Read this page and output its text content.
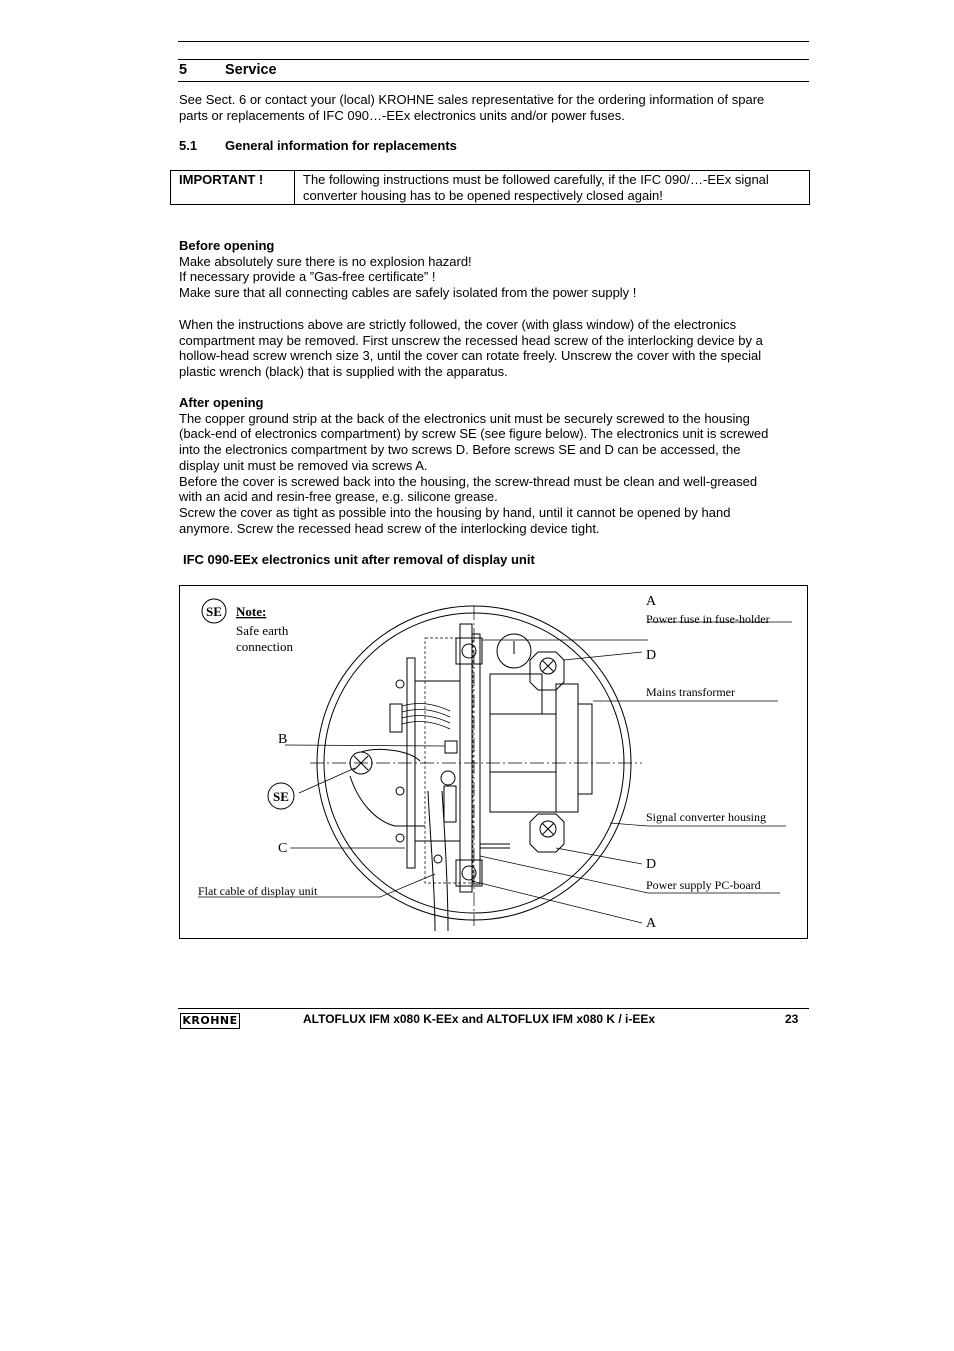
5	Service
See Sect. 6 or contact your (local) KROHNE sales representative for the ordering information of spare
parts or replacements of IFC 090…-EEx electronics units and/or power fuses.
5.1 General information for replacements
IMPORTANT !	The following instructions must be followed carefully, if the IFC 090/…-EEx signal converter housing has to be opened respectively closed again!
Before opening
Make absolutely sure there is no explosion hazard!
If necessary provide a ”Gas-free certificate” !
Make sure that all connecting cables are safely isolated from the power supply !
When the instructions above are strictly followed, the cover (with glass window) of the electronics
compartment may be removed. First unscrew the recessed head screw of the interlocking device by a
hollow-head screw wrench size 3, until the cover can rotate freely. Unscrew the cover with the special
plastic wrench (black) that is supplied with the apparatus.
After opening
The copper ground strip at the back of the electronics unit must be securely screwed to the housing
(back-end of electronics compartment) by screw SE (see figure below). The electronics unit is screwed
into the electronics compartment by two screws D. Before screws SE and D can be accessed, the
display unit must be removed via screws A.
Before the cover is screwed back into the housing, the screw-thread must be clean and well-greased
with an acid and resin-free grease, e.g. silicone grease.
Screw the cover as tight as possible into the housing by hand, until it cannot be opened by hand
anymore. Screw the recessed head screw of the interlocking device tight.
IFC 090-EEx electronics unit after removal of display unit
SE Note:
Safe earth
connection
SE
A
Power fuse in fuse-holder
D
Mains transformer
Signal converter housing
D
Power supply PC-board
A
B
C
Flat cable of display unit
KROHNE	ALTOFLUX IFM x080 K-EEx and ALTOFLUX IFM x080 K / i-EEx	23
